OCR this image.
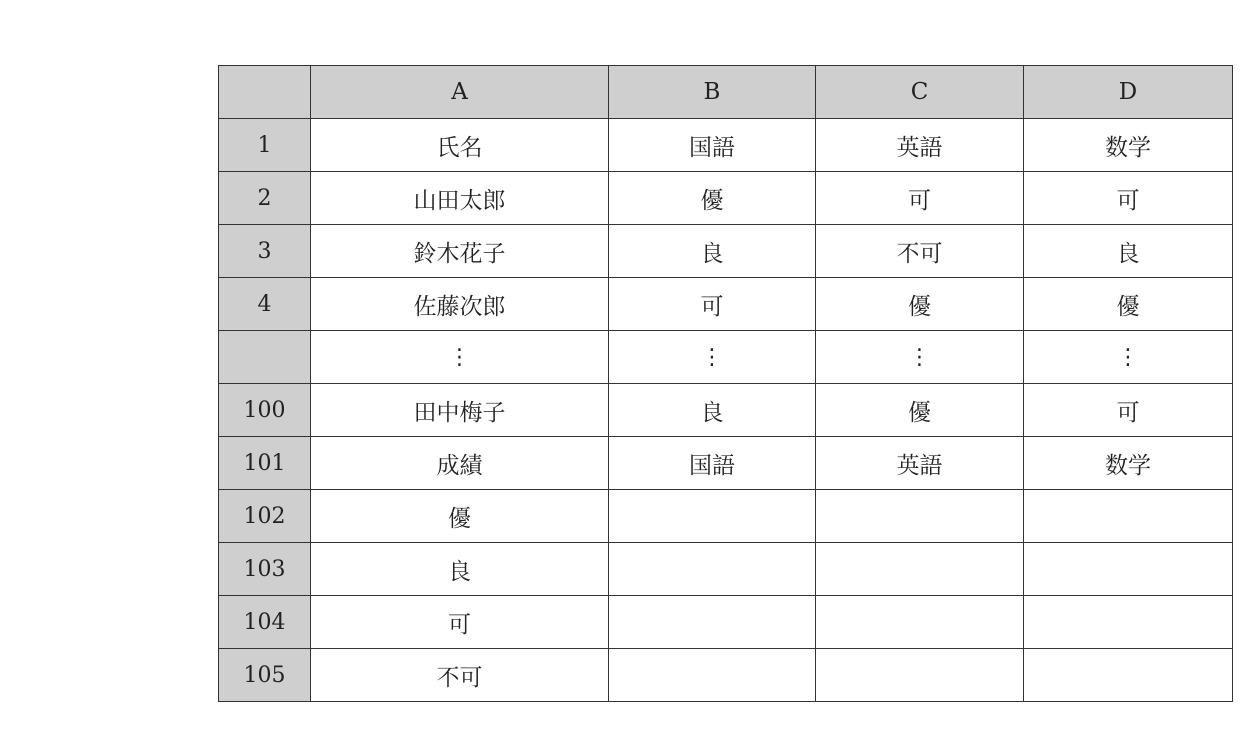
	A	B	C	D
1	氏名	国語	英語	数学
2	山田太郎	優	可	可
3	鈴木花子	良	不可	良
4	佐藤次郎	可	優	優
	⋮	⋮	⋮	⋮
100	田中梅子	良	優	可
101	成績	国語	英語	数学
102	優			
103	良			
104	可			
105	不可			
